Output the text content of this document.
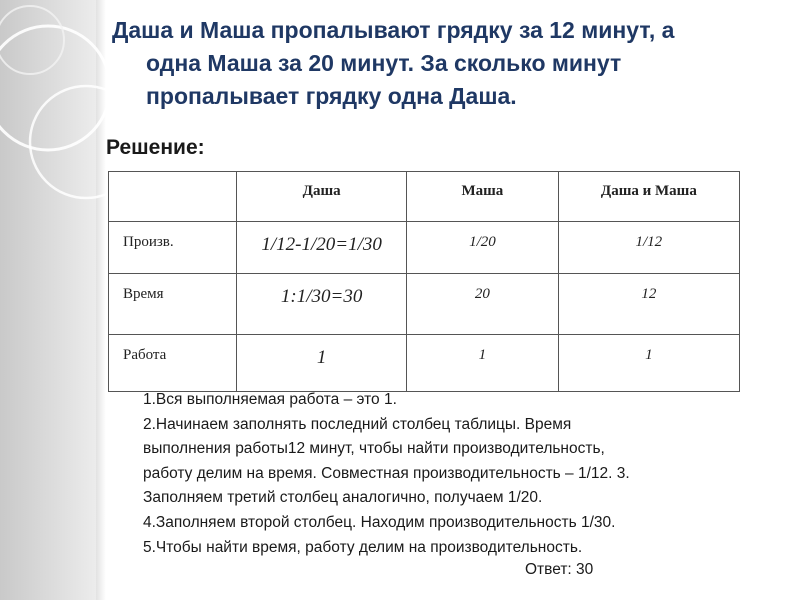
Даша и Маша пропалывают грядку за 12 минут, а
одна Маша за 20 минут. За сколько минут
пропалывает грядку одна Даша.
Решение:
	Даша	Маша	Даша и Маша
Произв.	1/12-1/20=1/30	1/20	1/12
Время	1:1/30=30	20	12
Работа	1	1	1
1.Вся выполняемая работа – это 1.
2.Начинаем заполнять последний столбец таблицы. Время
выполнения работы12 минут, чтобы найти производительность,
работу делим на время. Совместная производительность – 1/12. 3.
Заполняем третий столбец аналогично, получаем 1/20.
4.Заполняем второй столбец. Находим производительность 1/30.
5.Чтобы найти время, работу делим на производительность.
Ответ: 30
